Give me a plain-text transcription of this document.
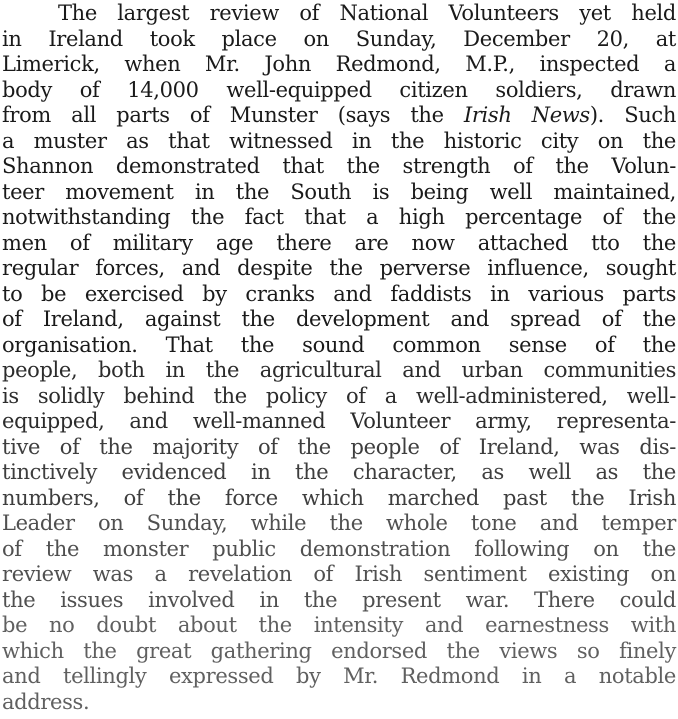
The largest review of National Volunteers yet held
in Ireland took place on Sunday, December 20, at
Limerick, when Mr. John Redmond, M.P., inspected a
body of 14,000 well-equipped citizen soldiers, drawn
from all parts of Munster (says the Irish News). Such
a muster as that witnessed in the historic city on the
Shannon demonstrated that the strength of the Volun-
teer movement in the South is being well maintained,
notwithstanding the fact that a high percentage of the
men of military age there are now attached tto the
regular forces, and despite the perverse influence, sought
to be exercised by cranks and faddists in various parts
of Ireland, against the development and spread of the
organisation. That the sound common sense of the
people, both in the agricultural and urban communities
is solidly behind the policy of a well-administered, well-
equipped, and well-manned Volunteer army, representa-
tive of the majority of the people of Ireland, was dis-
tinctively evidenced in the character, as well as the
numbers, of the force which marched past the Irish
Leader on Sunday, while the whole tone and temper
of the monster public demonstration following on the
review was a revelation of Irish sentiment existing on
the issues involved in the present war. There could
be no doubt about the intensity and earnestness with
which the great gathering endorsed the views so finely
and tellingly expressed by Mr. Redmond in a notable
address.
